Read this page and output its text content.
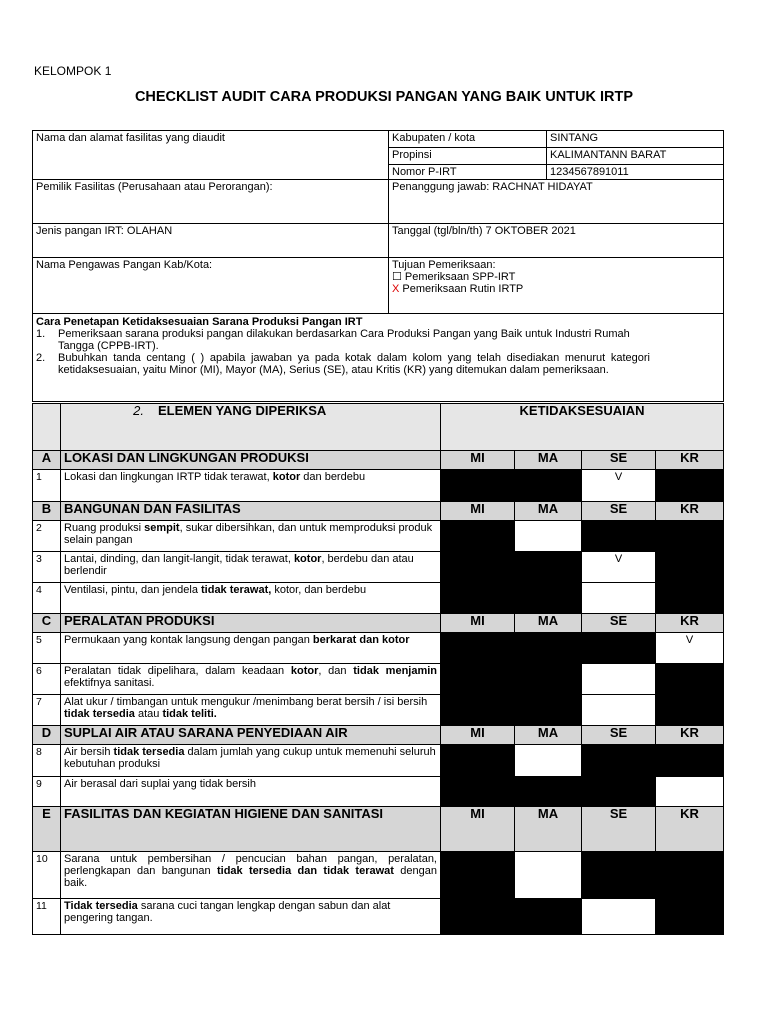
KELOMPOK 1
CHECKLIST AUDIT CARA PRODUKSI PANGAN YANG BAIK UNTUK IRTP
Nama dan alamat fasilitas yang diaudit	Kabupaten / kota	SINTANG
	Propinsi	KALIMANTANN BARAT
	Nomor P-IRT	1234567891011
Pemilik Fasilitas (Perusahaan atau Perorangan):	Penanggung jawab: RACHNAT HIDAYAT	
Jenis pangan IRT: OLAHAN	Tanggal (tgl/bln/th) 7 OKTOBER 2021	
Nama Pengawas Pangan Kab/Kota:	Tujuan Pemeriksaan:
☐ Pemeriksaan SPP-IRT
X Pemeriksaan Rutin IRTP	

Cara Penetapan Ketidaksesuaian Sarana Produksi Pangan IRT
1. Pemeriksaan sarana produksi pangan dilakukan berdasarkan Cara Produksi Pangan yang Baik untuk Industri Rumah Tangga (CPPB-IRT).
2. Bubuhkan tanda centang ( ) apabila jawaban ya pada kotak dalam kolom yang telah disediakan menurut kategori ketidaksesuaian, yaitu Minor (MI), Mayor (MA), Serius (SE), atau Kritis (KR) yang ditemukan dalam pemeriksaan.		
	2. ELEMEN YANG DIPERIKSA	KETIDAKSESUAIAN			
A	LOKASI DAN LINGKUNGAN PRODUKSI	MI	MA	SE	KR
1	Lokasi dan lingkungan IRTP tidak terawat, kotor dan berdebu			V	
B	BANGUNAN DAN FASILITAS	MI	MA	SE	KR
2	Ruang produksi sempit, sukar dibersihkan, dan untuk memproduksi produk selain pangan				
3	Lantai, dinding, dan langit-langit, tidak terawat, kotor, berdebu dan atau berlendir			V	
4	Ventilasi, pintu, dan jendela tidak terawat, kotor, dan berdebu				
C	PERALATAN PRODUKSI	MI	MA	SE	KR
5	Permukaan yang kontak langsung dengan pangan berkarat dan kotor				V
6	Peralatan tidak dipelihara, dalam keadaan kotor, dan tidak menjamin efektifnya sanitasi.				
7	Alat ukur / timbangan untuk mengukur /menimbang berat bersih / isi bersih tidak tersedia atau tidak teliti.				
D	SUPLAI AIR ATAU SARANA PENYEDIAAN AIR	MI	MA	SE	KR
8	Air bersih tidak tersedia dalam jumlah yang cukup untuk memenuhi seluruh kebutuhan produksi				
9	Air berasal dari suplai yang tidak bersih				
E	FASILITAS DAN KEGIATAN HIGIENE DAN SANITASI	MI	MA	SE	KR
10	Sarana untuk pembersihan / pencucian bahan pangan, peralatan, perlengkapan dan bangunan tidak tersedia dan tidak terawat dengan baik.				
11	Tidak tersedia sarana cuci tangan lengkap dengan sabun dan alat pengering tangan.				
